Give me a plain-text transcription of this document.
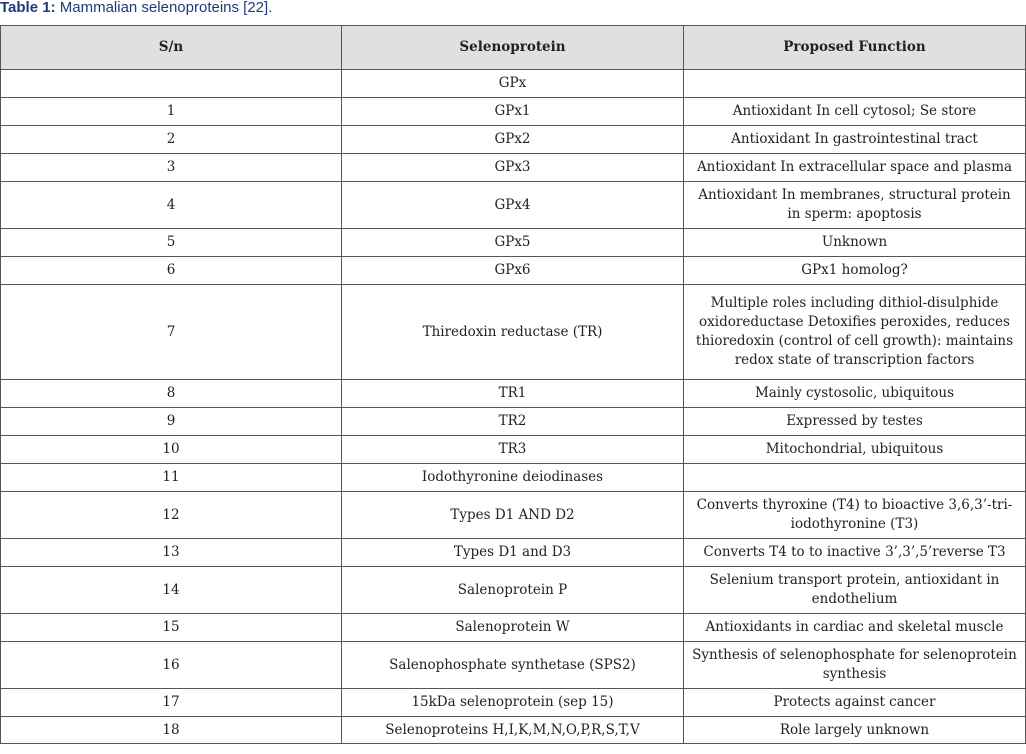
Table 1: Mammalian selenoproteins [22].
S/n	Selenoprotein	Proposed Function
	GPx	
1	GPx1	Antioxidant In cell cytosol; Se store
2	GPx2	Antioxidant In gastrointestinal tract
3	GPx3	Antioxidant In extracellular space and plasma
4	GPx4	Antioxidant In membranes, structural protein in sperm: apoptosis
5	GPx5	Unknown
6	GPx6	GPx1 homolog?
7	Thiredoxin reductase (TR)	Multiple roles including dithiol-disulphide oxidoreductase Detoxifies peroxides, reduces thioredoxin (control of cell growth): maintains redox state of transcription factors
8	TR1	Mainly cystosolic, ubiquitous
9	TR2	Expressed by testes
10	TR3	Mitochondrial, ubiquitous
11	Iodothyronine deiodinases	
12	Types D1 AND D2	Converts thyroxine (T4) to bioactive 3,6,3’-tri-iodothyronine (T3)
13	Types D1 and D3	Converts T4 to to inactive 3’,3’,5’reverse T3
14	Salenoprotein P	Selenium transport protein, antioxidant in endothelium
15	Salenoprotein W	Antioxidants in cardiac and skeletal muscle
16	Salenophosphate synthetase (SPS2)	Synthesis of selenophosphate for selenoprotein synthesis
17	15kDa selenoprotein (sep 15)	Protects against cancer
18	Selenoproteins H,I,K,M,N,O,P,R,S,T,V	Role largely unknown
